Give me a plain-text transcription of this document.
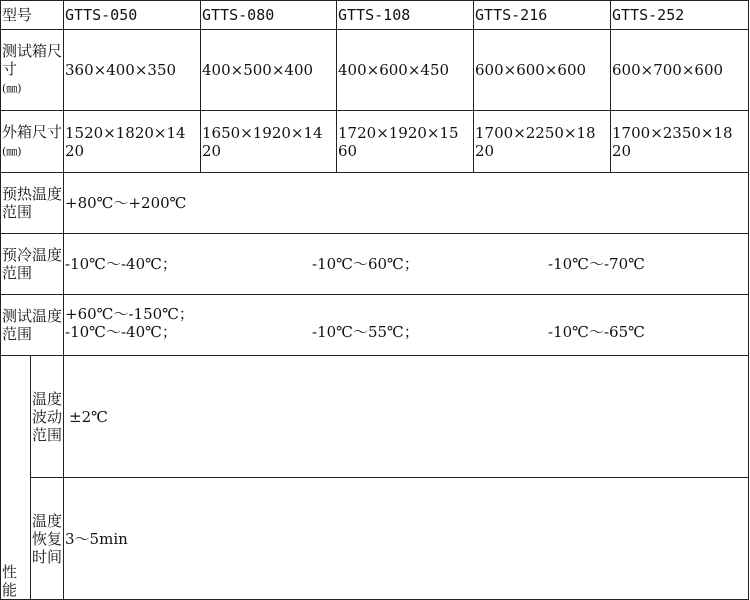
型号		GTTS-050	GTTS-080	GTTS-108	GTTS-216	GTTS-252
测试箱尺寸
(㎜)		360×400×350	400×500×400	400×600×450	600×600×600	600×700×600

外箱尺寸
(㎜)		1520×1820×1420	1650×1920×1420	1720×1920×1560	1700×2250×1820	1700×2350×1820

预热温度范围		+80℃～+200℃				
预冷温度范围		-10℃～-40℃； -10℃～60℃； -10℃～-70℃				

测试温度范围		+60℃～-150℃；
-10℃～-40℃； -10℃～55℃； -10℃～-65℃				

性能	温度波动范围	±2℃				
	温度恢复时间	3～5min				
